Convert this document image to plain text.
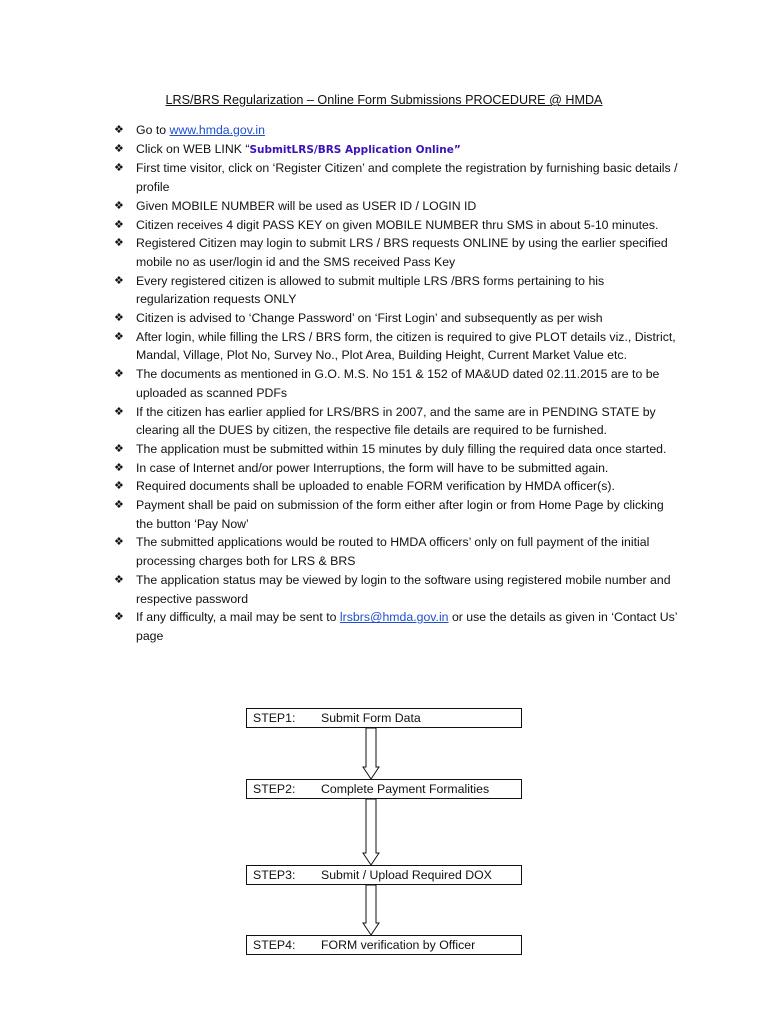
LRS/BRS Regularization – Online Form Submissions PROCEDURE @ HMDA
❖ Go to www.hmda.gov.in
❖ Click on WEB LINK “SubmitLRS/BRS Application Online”
❖ First time visitor, click on ‘Register Citizen’ and complete the registration by furnishing basic details / profile
❖ Given MOBILE NUMBER will be used as USER ID / LOGIN ID
❖ Citizen receives 4 digit PASS KEY on given MOBILE NUMBER thru SMS in about 5-10 minutes.
❖ Registered Citizen may login to submit LRS / BRS requests ONLINE by using the earlier specified mobile no as user/login id and the SMS received Pass Key
❖ Every registered citizen is allowed to submit multiple LRS /BRS forms pertaining to his regularization requests ONLY
❖ Citizen is advised to ‘Change Password’ on ‘First Login’ and subsequently as per wish
❖ After login, while filling the LRS / BRS form, the citizen is required to give PLOT details viz., District, Mandal, Village, Plot No, Survey No., Plot Area, Building Height, Current Market Value etc.
❖ The documents as mentioned in G.O. M.S. No 151 & 152 of MA&UD dated 02.11.2015 are to be uploaded as scanned PDFs
❖ If the citizen has earlier applied for LRS/BRS in 2007, and the same are in PENDING STATE by clearing all the DUES by citizen, the respective file details are required to be furnished.
❖ The application must be submitted within 15 minutes by duly filling the required data once started.
❖ In case of Internet and/or power Interruptions, the form will have to be submitted again.
❖ Required documents shall be uploaded to enable FORM verification by HMDA officer(s).
❖ Payment shall be paid on submission of the form either after login or from Home Page by clicking the button ‘Pay Now’
❖ The submitted applications would be routed to HMDA officers’ only on full payment of the initial processing charges both for LRS & BRS
❖ The application status may be viewed by login to the software using registered mobile number and respective password
❖ If any difficulty, a mail may be sent to lrsbrs@hmda.gov.in or use the details as given in ‘Contact Us’ page
STEP1: Submit Form Data
STEP2: Complete Payment Formalities
STEP3: Submit / Upload Required DOX
STEP4: FORM verification by Officer
